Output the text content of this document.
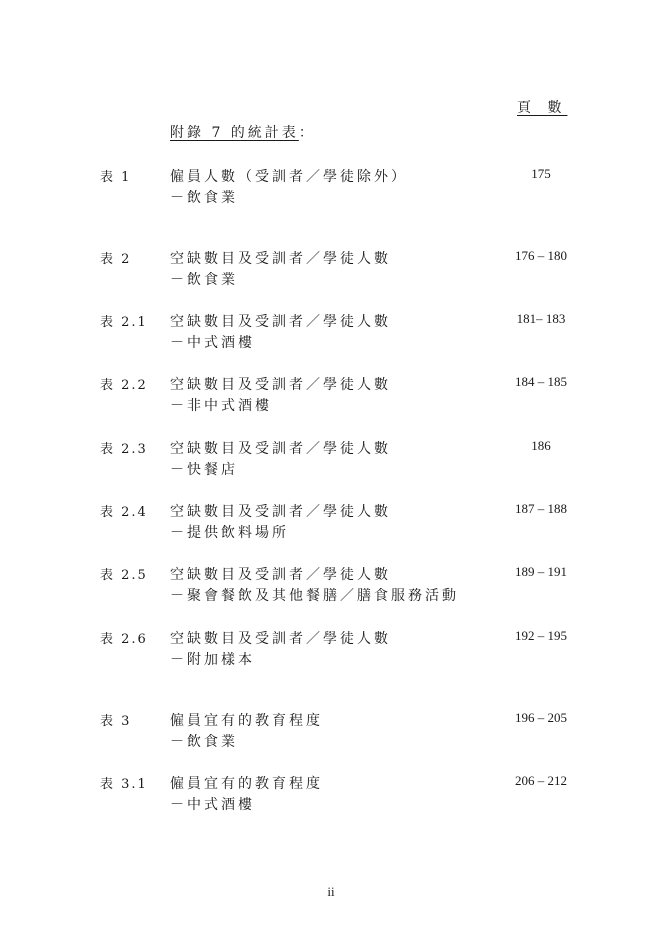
頁 數
附錄 7 的統計表：
表 1	僱員人數（受訓者／學徒除外）
－飲食業
175
表 2	空缺數目及受訓者／學徒人數
－飲食業
176 – 180
表 2.1 空缺數目及受訓者／學徒人數
－中式酒樓
181– 183
表 2.2 空缺數目及受訓者／學徒人數
－非中式酒樓
184 – 185
表 2.3 空缺數目及受訓者／學徒人數
－快餐店
186
表 2.4 空缺數目及受訓者／學徒人數
－提供飲料場所
187 – 188
表 2.5 空缺數目及受訓者／學徒人數
－聚會餐飲及其他餐膳／膳食服務活動
189 – 191
表 2.6 空缺數目及受訓者／學徒人數
－附加樣本
192 – 195
表 3	僱員宜有的教育程度
－飲食業
196 – 205
表 3.1 僱員宜有的教育程度
－中式酒樓
206 – 212
ii
